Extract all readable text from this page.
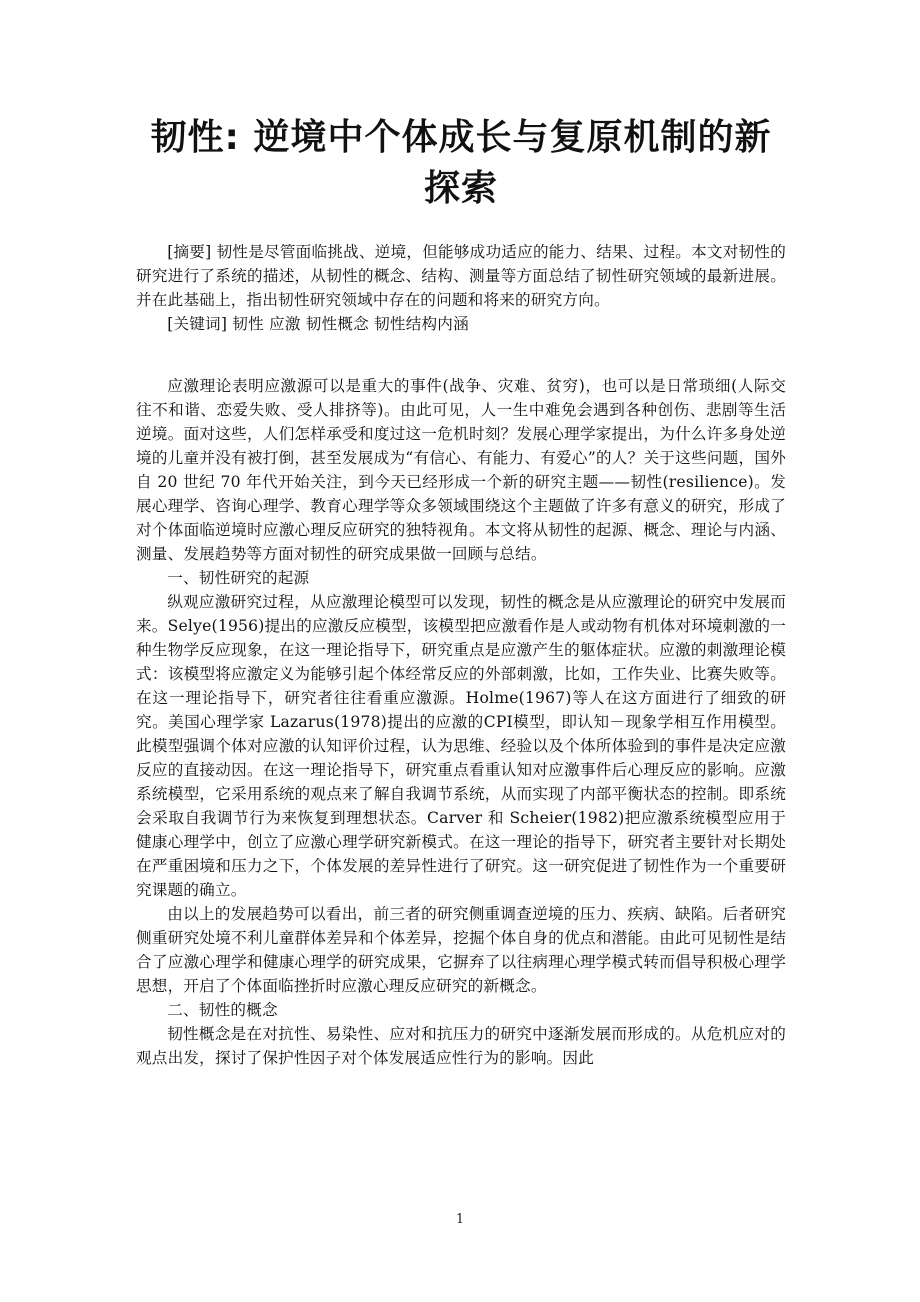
韧性: 逆境中个体成长与复原机制的新探索

[摘要] 韧性是尽管面临挑战、逆境，但能够成功适应的能力、结果、过程。本文对韧性的研究进行了系统的描述，从韧性的概念、结构、测量等方面总结了韧性研究领域的最新进展。并在此基础上，指出韧性研究领域中存在的问题和将来的研究方向。

[关键词] 韧性 应激 韧性概念 韧性结构内涵

应激理论表明应激源可以是重大的事件(战争、灾难、贫穷)，也可以是日常琐细(人际交往不和谐、恋爱失败、受人排挤等)。由此可见，人一生中难免会遇到各种创伤、悲剧等生活逆境。面对这些，人们怎样承受和度过这一危机时刻？发展心理学家提出，为什么许多身处逆境的儿童并没有被打倒，甚至发展成为“有信心、有能力、有爱心”的人？关于这些问题，国外自 20 世纪 70 年代开始关注，到今天已经形成一个新的研究主题——韧性(resilience)。发展心理学、咨询心理学、教育心理学等众多领域围绕这个主题做了许多有意义的研究，形成了对个体面临逆境时应激心理反应研究的独特视角。本文将从韧性的起源、概念、理论与内涵、测量、发展趋势等方面对韧性的研究成果做一回顾与总结。

一、韧性研究的起源

纵观应激研究过程，从应激理论模型可以发现，韧性的概念是从应激理论的研究中发展而来。Selye(1956)提出的应激反应模型，该模型把应激看作是人或动物有机体对环境刺激的一种生物学反应现象，在这一理论指导下，研究重点是应激产生的躯体症状。应激的刺激理论模式：该模型将应激定义为能够引起个体经常反应的外部刺激，比如，工作失业、比赛失败等。在这一理论指导下，研究者往往看重应激源。Holme(1967)等人在这方面进行了细致的研究。美国心理学家 Lazarus(1978)提出的应激的CPI模型，即认知－现象学相互作用模型。此模型强调个体对应激的认知评价过程，认为思维、经验以及个体所体验到的事件是决定应激反应的直接动因。在这一理论指导下，研究重点看重认知对应激事件后心理反应的影响。应激系统模型，它采用系统的观点来了解自我调节系统，从而实现了内部平衡状态的控制。即系统会采取自我调节行为来恢复到理想状态。Carver 和 Scheier(1982)把应激系统模型应用于健康心理学中，创立了应激心理学研究新模式。在这一理论的指导下，研究者主要针对长期处在严重困境和压力之下，个体发展的差异性进行了研究。这一研究促进了韧性作为一个重要研究课题的确立。

由以上的发展趋势可以看出，前三者的研究侧重调查逆境的压力、疾病、缺陷。后者研究侧重研究处境不利儿童群体差异和个体差异，挖掘个体自身的优点和潜能。由此可见韧性是结合了应激心理学和健康心理学的研究成果，它摒弃了以往病理心理学模式转而倡导积极心理学思想，开启了个体面临挫折时应激心理反应研究的新概念。

二、韧性的概念

韧性概念是在对抗性、易染性、应对和抗压力的研究中逐渐发展而形成的。从危机应对的观点出发，探讨了保护性因子对个体发展适应性行为的影响。因此

1
